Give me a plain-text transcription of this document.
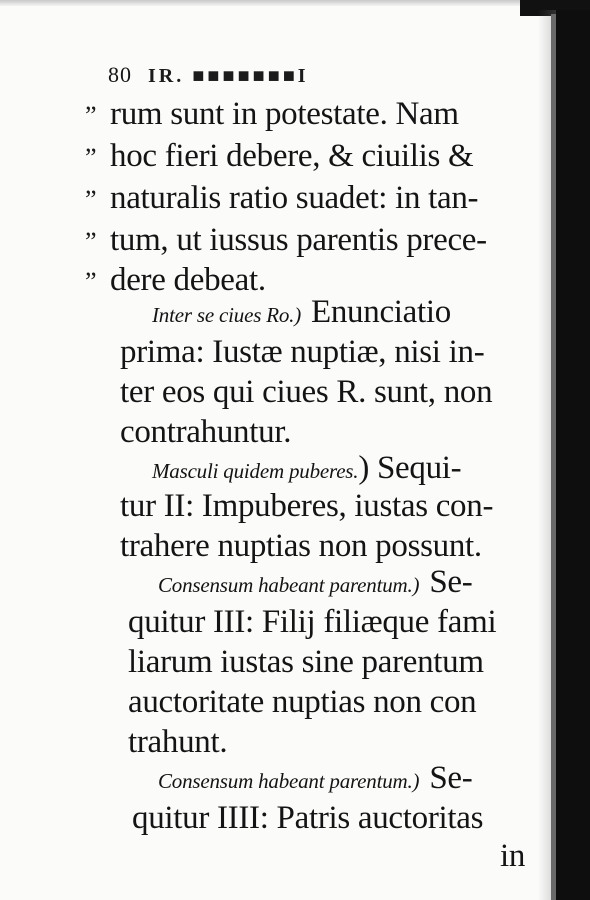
80 IR. ■■■■■■■I
” rum sunt in potestate. Nam
” hoc fieri debere, & ciuilis &
” naturalis ratio suadet: in tan-
” tum, ut iussus parentis prece-
” dere debeat.
Inter se ciues Ro.) Enunciatio
prima: Iustæ nuptiæ, nisi in-
ter eos qui ciues R. sunt, non
contrahuntur.
Masculi quidem puberes.) Sequi-
tur II: Impuberes, iustas con-
trahere nuptias non possunt.
Consensum habeant parentum.) Se-
quitur III: Filij filiæque fami
liarum iustas sine parentum
auctoritate nuptias non con
trahunt.
Consensum habeant parentum.) Se-
quitur IIII: Patris auctoritas
in
